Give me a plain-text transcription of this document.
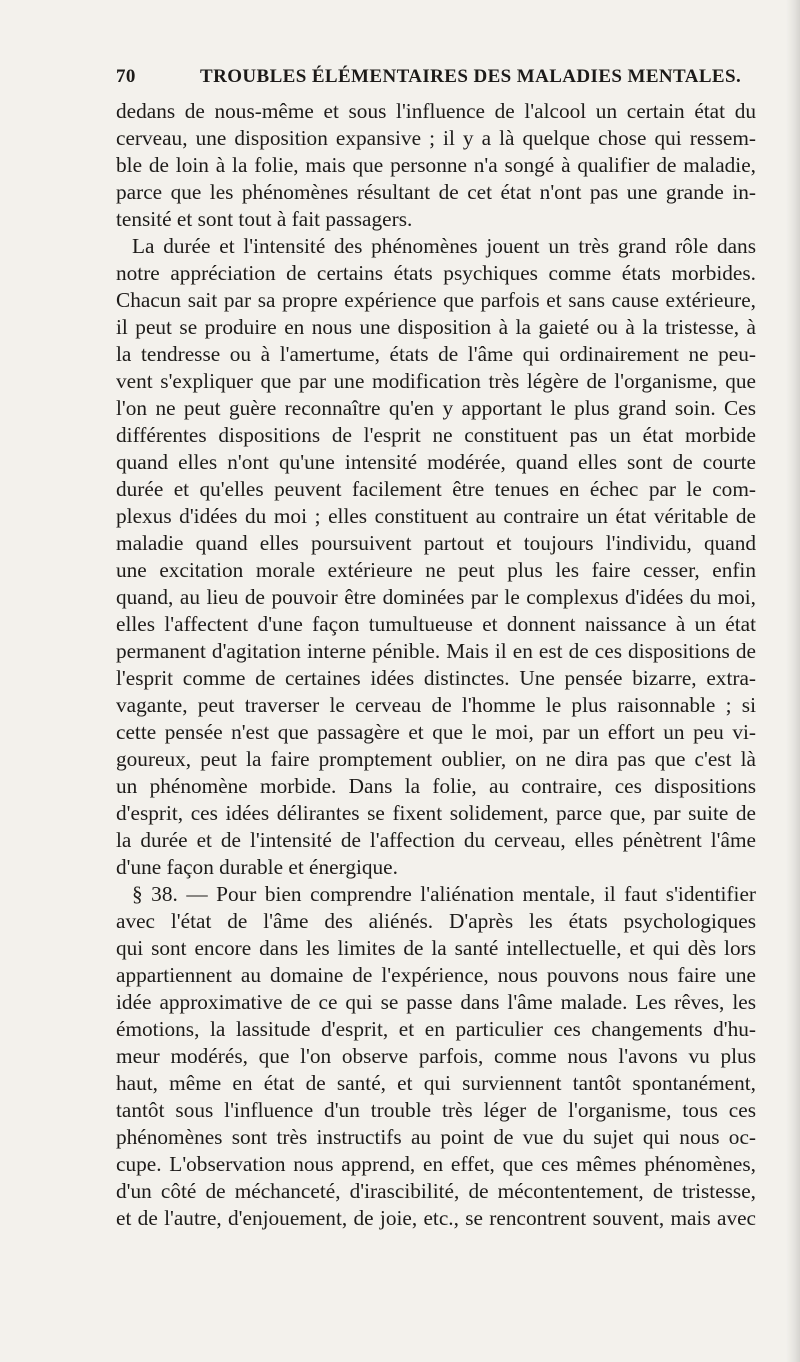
70	TROUBLES ÉLÉMENTAIRES DES MALADIES MENTALES.
dedans de nous-même et sous l'influence de l'alcool un certain état du
cerveau, une disposition expansive ; il y a là quelque chose qui ressem-
ble de loin à la folie, mais que personne n'a songé à qualifier de maladie,
parce que les phénomènes résultant de cet état n'ont pas une grande in-
tensité et sont tout à fait passagers.
La durée et l'intensité des phénomènes jouent un très grand rôle dans
notre appréciation de certains états psychiques comme états morbides.
Chacun sait par sa propre expérience que parfois et sans cause extérieure,
il peut se produire en nous une disposition à la gaieté ou à la tristesse, à
la tendresse ou à l'amertume, états de l'âme qui ordinairement ne peu-
vent s'expliquer que par une modification très légère de l'organisme, que
l'on ne peut guère reconnaître qu'en y apportant le plus grand soin. Ces
différentes dispositions de l'esprit ne constituent pas un état morbide
quand elles n'ont qu'une intensité modérée, quand elles sont de courte
durée et qu'elles peuvent facilement être tenues en échec par le com-
plexus d'idées du moi ; elles constituent au contraire un état véritable de
maladie quand elles poursuivent partout et toujours l'individu, quand
une excitation morale extérieure ne peut plus les faire cesser, enfin
quand, au lieu de pouvoir être dominées par le complexus d'idées du moi,
elles l'affectent d'une façon tumultueuse et donnent naissance à un état
permanent d'agitation interne pénible. Mais il en est de ces dispositions de
l'esprit comme de certaines idées distinctes. Une pensée bizarre, extra-
vagante, peut traverser le cerveau de l'homme le plus raisonnable ; si
cette pensée n'est que passagère et que le moi, par un effort un peu vi-
goureux, peut la faire promptement oublier, on ne dira pas que c'est là
un phénomène morbide. Dans la folie, au contraire, ces dispositions
d'esprit, ces idées délirantes se fixent solidement, parce que, par suite de
la durée et de l'intensité de l'affection du cerveau, elles pénètrent l'âme
d'une façon durable et énergique.
§ 38. — Pour bien comprendre l'aliénation mentale, il faut s'identifier
avec l'état de l'âme des aliénés. D'après les états psychologiques
qui sont encore dans les limites de la santé intellectuelle, et qui dès lors
appartiennent au domaine de l'expérience, nous pouvons nous faire une
idée approximative de ce qui se passe dans l'âme malade. Les rêves, les
émotions, la lassitude d'esprit, et en particulier ces changements d'hu-
meur modérés, que l'on observe parfois, comme nous l'avons vu plus
haut, même en état de santé, et qui surviennent tantôt spontanément,
tantôt sous l'influence d'un trouble très léger de l'organisme, tous ces
phénomènes sont très instructifs au point de vue du sujet qui nous oc-
cupe. L'observation nous apprend, en effet, que ces mêmes phénomènes,
d'un côté de méchanceté, d'irascibilité, de mécontentement, de tristesse,
et de l'autre, d'enjouement, de joie, etc., se rencontrent souvent, mais avec
